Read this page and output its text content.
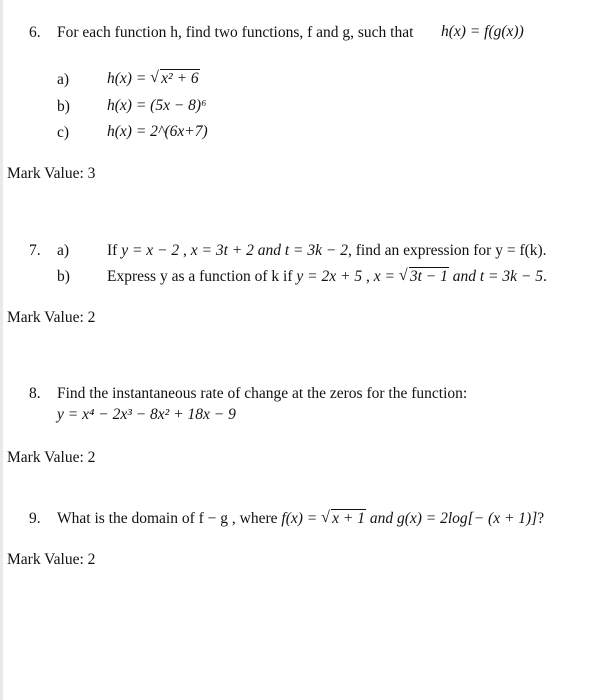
6. For each function h, find two functions, f and g, such that h(x) = f(g(x))
a) h(x) = √ x² + 6
b) h(x) = (5x − 8)⁶
c) h(x) = 2^(6x+7)
Mark Value: 3
7. a) If y = x − 2 , x = 3t + 2 and t = 3k − 2, find an expression for y = f(k).
b) Express y as a function of k if y = 2x + 5 , x = √ 3t − 1 and t = 3k − 5.
Mark Value: 2
8. Find the instantaneous rate of change at the zeros for the function:
y = x⁴ − 2x³ − 8x² + 18x − 9
Mark Value: 2
9. What is the domain of f − g , where f(x) = √ x + 1 and g(x) = 2log[− (x + 1)]?
Mark Value: 2
